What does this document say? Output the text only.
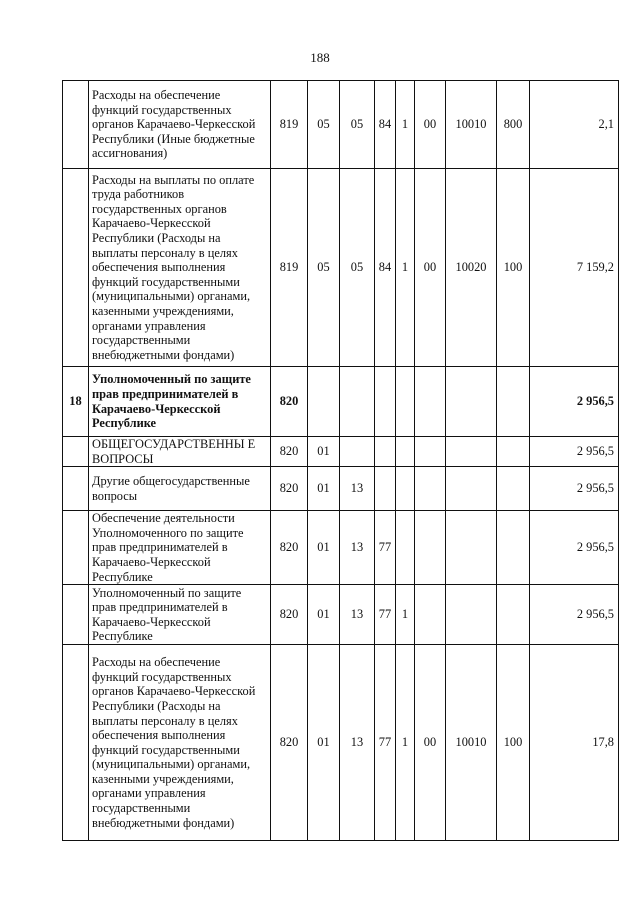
188
	Расходы на обеспечение функций государственных органов Карачаево-Черкесской Республики (Иные бюджетные ассигнования)	819	05	05	84	1	00	10010	800	2,1
	Расходы на выплаты по оплате труда работников государственных органов Карачаево-Черкесской Республики (Расходы на выплаты персоналу в целях обеспечения выполнения функций государственными (муниципальными) органами, казенными учреждениями, органами управления государственными внебюджетными фондами)	819	05	05	84	1	00	10020	100	7 159,2
18	Уполномоченный по защите прав предпринимателей в Карачаево-Черкесской Республике	820								2 956,5
	ОБЩЕГОСУДАРСТВЕННЫ Е ВОПРОСЫ	820	01							2 956,5
	Другие общегосударственные вопросы	820	01	13						2 956,5
	Обеспечение деятельности Уполномоченного по защите прав предпринимателей в Карачаево-Черкесской Республике	820	01	13	77					2 956,5
	Уполномоченный по защите прав предпринимателей в Карачаево-Черкесской Республике	820	01	13	77	1				2 956,5
	Расходы на обеспечение функций государственных органов Карачаево-Черкесской Республики (Расходы на выплаты персоналу в целях обеспечения выполнения функций государственными (муниципальными) органами, казенными учреждениями, органами управления государственными внебюджетными фондами)	820	01	13	77	1	00	10010	100	17,8
